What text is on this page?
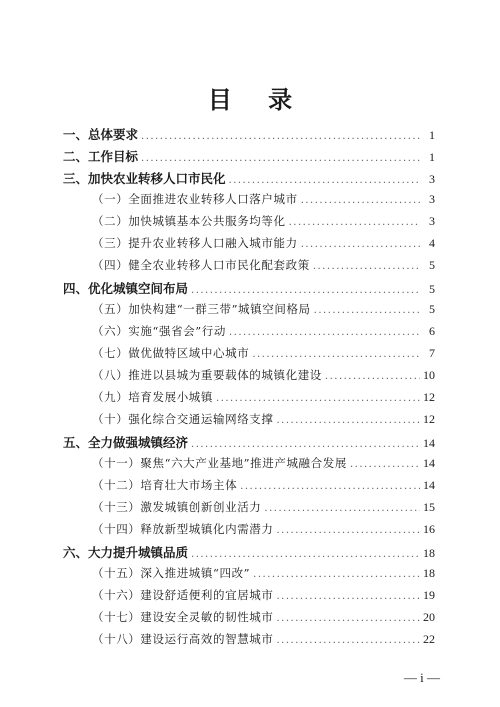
目 录
一、总体要求 .....	1
二、工作目标 .....	1
三、加快农业转移人口市民化 .....	3
（一）全面推进农业转移人口落户城市 .....	3
（二）加快城镇基本公共服务均等化 .....	3
（三）提升农业转移人口融入城市能力 .....	4
（四）健全农业转移人口市民化配套政策 .....	5
四、优化城镇空间布局 .....	5
（五）加快构建“一群三带”城镇空间格局 .....	5
（六）实施“强省会”行动 .....	6
（七）做优做特区域中心城市 .....	7
（八）推进以县城为重要载体的城镇化建设 .....	10
（九）培育发展小城镇 .....	12
（十）强化综合交通运输网络支撑 .....	12
五、全力做强城镇经济 .....	14
（十一）聚焦“六大产业基地”推进产城融合发展 .....	14
（十二）培育壮大市场主体 .....	14
（十三）激发城镇创新创业活力 .....	15
（十四）释放新型城镇化内需潜力 .....	16
六、大力提升城镇品质 .....	18
（十五）深入推进城镇“四改” .....	18
（十六）建设舒适便利的宜居城市 .....	19
（十七）建设安全灵敏的韧性城市 .....	20
（十八）建设运行高效的智慧城市 .....	22
— i —
